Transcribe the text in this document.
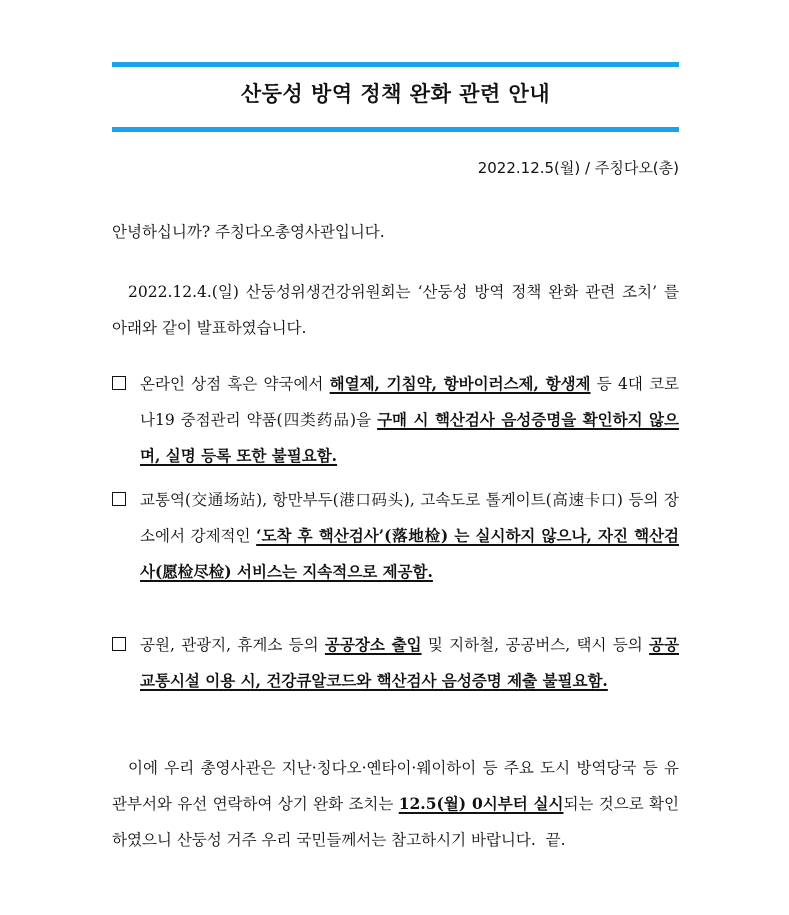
산둥성 방역 정책 완화 관련 안내
2022.12.5(월) / 주칭다오(총)
안녕하십니까? 주칭다오총영사관입니다.
2022.12.4.(일) 산둥성위생건강위원회는 ‘산둥성 방역 정책 완화 관련 조치’ 를 아래와 같이 발표하였습니다.
온라인 상점 혹은 약국에서 해열제, 기침약, 항바이러스제, 항생제 등 4대 코로나19 중점관리 약품(四类药品)을 구매 시 핵산검사 음성증명을 확인하지 않으며, 실명 등록 또한 불필요함.
교통역(交通场站), 항만부두(港口码头), 고속도로 톨게이트(高速卡口) 등의 장소에서 강제적인 ‘도착 후 핵산검사’(落地检) 는 실시하지 않으나, 자진 핵산검사(愿检尽检) 서비스는 지속적으로 제공함.
공원, 관광지, 휴게소 등의 공공장소 출입 및 지하철, 공공버스, 택시 등의 공공 교통시설 이용 시, 건강큐알코드와 핵산검사 음성증명 제출 불필요함.
이에 우리 총영사관은 지난·칭다오·옌타이·웨이하이 등 주요 도시 방역당국 등 유관부서와 유선 연락하여 상기 완화 조치는 12.5(월) 0시부터 실시되는 것으로 확인하였으니 산둥성 거주 우리 국민들께서는 참고하시기 바랍니다. 끝.
